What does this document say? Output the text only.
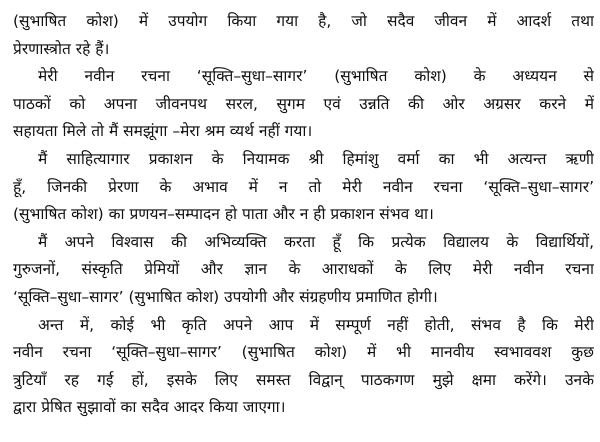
(सुभाषित कोश) में उपयोग किया गया है, जो सदैव जीवन में आदर्श तथा
प्रेरणास्त्रोत रहे हैं।
मेरी नवीन रचना ‘सूक्ति–सुधा–सागर’ (सुभाषित कोश) के अध्ययन से
पाठकों को अपना जीवनपथ सरल, सुगम एवं उन्नति की ओर अग्रसर करने में
सहायता मिले तो मैं समझूंगा –मेरा श्रम व्यर्थ नहीं गया।
मैं साहित्यागार प्रकाशन के नियामक श्री हिमांशु वर्मा का भी अत्यन्त ऋणी
हूँ, जिनकी प्रेरणा के अभाव में न तो मेरी नवीन रचना ‘सूक्ति–सुधा–सागर’
(सुभाषित कोश) का प्रणयन–सम्पादन हो पाता और न ही प्रकाशन संभव था।
मैं अपने विश्वास की अभिव्यक्ति करता हूँ कि प्रत्येक विद्यालय के विद्यार्थियों,
गुरुजनों, संस्कृति प्रेमियों और ज्ञान के आराधकों के लिए मेरी नवीन रचना
‘सूक्ति–सुधा–सागर’ (सुभाषित कोश) उपयोगी और संग्रहणीय प्रमाणित होगी।
अन्त में, कोई भी कृति अपने आप में सम्पूर्ण नहीं होती, संभव है कि मेरी
नवीन रचना ‘सूक्ति–सुधा–सागर’ (सुभाषित कोश) में भी मानवीय स्वभाववश कुछ
त्रुटियाँ रह गई हों, इसके लिए समस्त विद्वान् पाठकगण मुझे क्षमा करेंगे। उनके
द्वारा प्रेषित सुझावों का सदैव आदर किया जाएगा।
